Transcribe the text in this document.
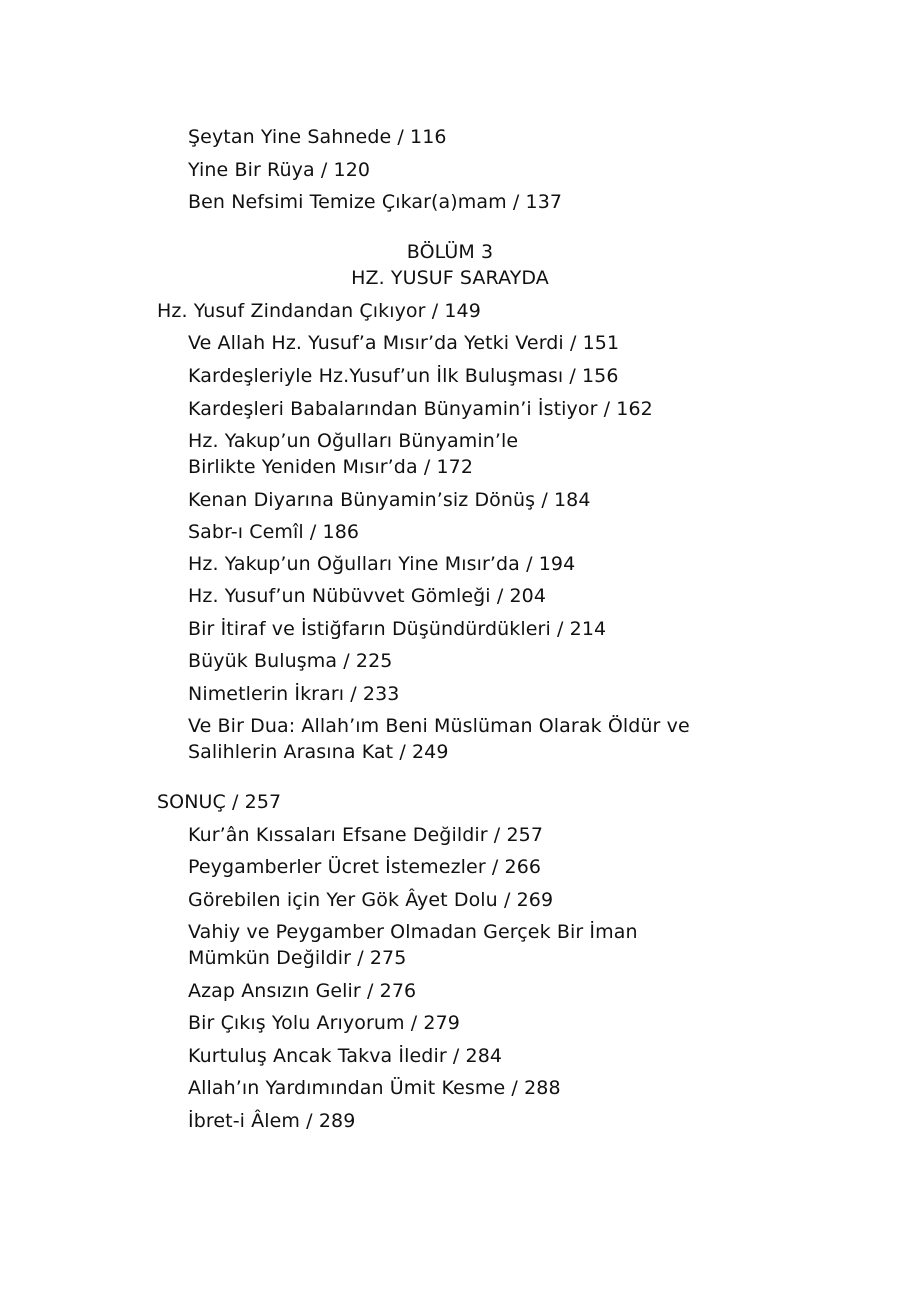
Şeytan Yine Sahnede / 116
Yine Bir Rüya / 120
Ben Nefsimi Temize Çıkar(a)mam / 137
BÖLÜM 3
HZ. YUSUF SARAYDA
Hz. Yusuf Zindandan Çıkıyor / 149
Ve Allah Hz. Yusuf’a Mısır’da Yetki Verdi / 151
Kardeşleriyle Hz.Yusuf’un İlk Buluşması / 156
Kardeşleri Babalarından Bünyamin’i İstiyor / 162
Hz. Yakup’un Oğulları Bünyamin’le
Birlikte Yeniden Mısır’da / 172
Kenan Diyarına Bünyamin’siz Dönüş / 184
Sabr-ı Cemîl / 186
Hz. Yakup’un Oğulları Yine Mısır’da / 194
Hz. Yusuf’un Nübüvvet Gömleği / 204
Bir İtiraf ve İstiğfarın Düşündürdükleri / 214
Büyük Buluşma / 225
Nimetlerin İkrarı / 233
Ve Bir Dua: Allah’ım Beni Müslüman Olarak Öldür ve
Salihlerin Arasına Kat / 249
SONUÇ / 257
Kur’ân Kıssaları Efsane Değildir / 257
Peygamberler Ücret İstemezler / 266
Görebilen için Yer Gök Âyet Dolu / 269
Vahiy ve Peygamber Olmadan Gerçek Bir İman
Mümkün Değildir / 275
Azap Ansızın Gelir / 276
Bir Çıkış Yolu Arıyorum / 279
Kurtuluş Ancak Takva İledir / 284
Allah’ın Yardımından Ümit Kesme / 288
İbret-i Âlem / 289
